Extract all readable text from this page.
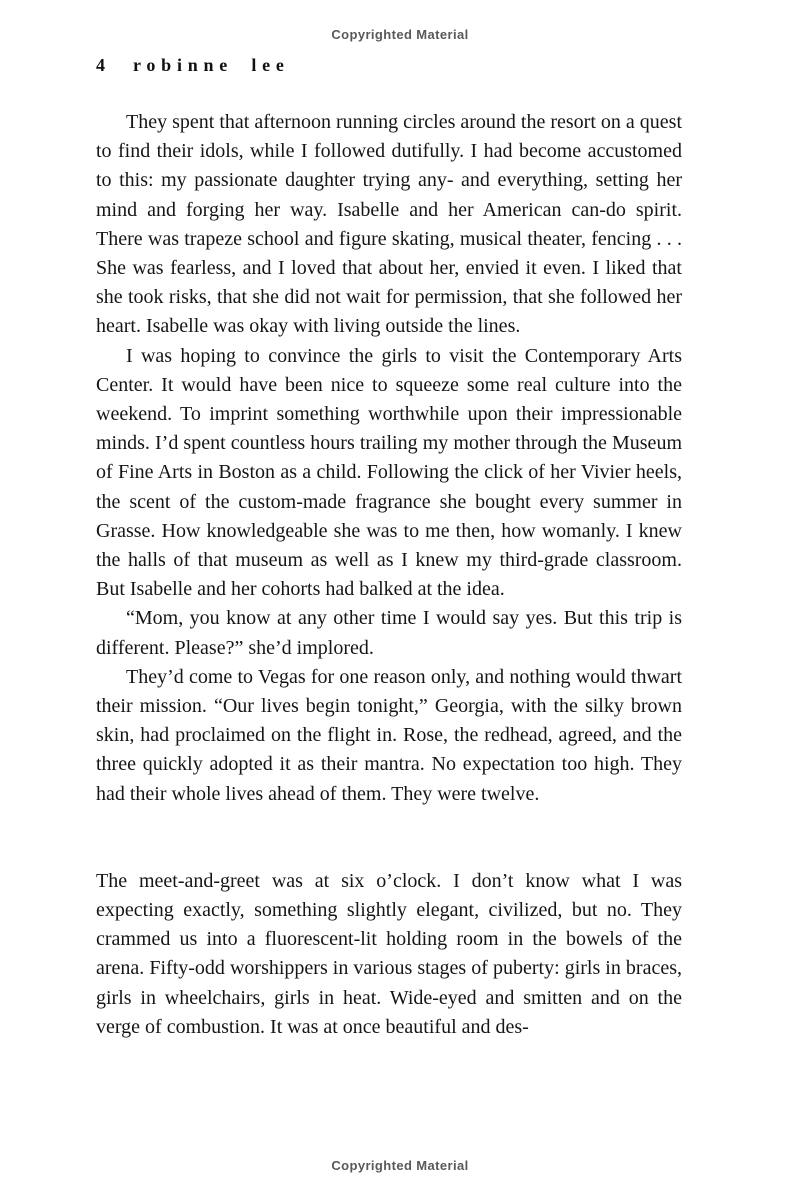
Copyrighted Material
4 robinne lee

They spent that afternoon running circles around the resort on a quest to find their idols, while I followed dutifully. I had become accustomed to this: my passionate daughter trying any- and everything, setting her mind and forging her way. Isabelle and her American can-do spirit. There was trapeze school and figure skating, musical theater, fencing . . . She was fearless, and I loved that about her, envied it even. I liked that she took risks, that she did not wait for permission, that she followed her heart. Isabelle was okay with living outside the lines.

I was hoping to convince the girls to visit the Contemporary Arts Center. It would have been nice to squeeze some real culture into the weekend. To imprint something worthwhile upon their impressionable minds. I’d spent countless hours trailing my mother through the Museum of Fine Arts in Boston as a child. Following the click of her Vivier heels, the scent of the custom-made fragrance she bought every summer in Grasse. How knowledgeable she was to me then, how womanly. I knew the halls of that museum as well as I knew my third-grade classroom. But Isabelle and her cohorts had balked at the idea.

“Mom, you know at any other time I would say yes. But this trip is different. Please?” she’d implored.

They’d come to Vegas for one reason only, and nothing would thwart their mission. “Our lives begin tonight,” Georgia, with the silky brown skin, had proclaimed on the flight in. Rose, the redhead, agreed, and the three quickly adopted it as their mantra. No expectation too high. They had their whole lives ahead of them. They were twelve.

The meet-and-greet was at six o’clock. I don’t know what I was expecting exactly, something slightly elegant, civilized, but no. They crammed us into a fluorescent-lit holding room in the bowels of the arena. Fifty-odd worshippers in various stages of puberty: girls in braces, girls in wheelchairs, girls in heat. Wide-eyed and smitten and on the verge of combustion. It was at once beautiful and des-

Copyrighted Material
